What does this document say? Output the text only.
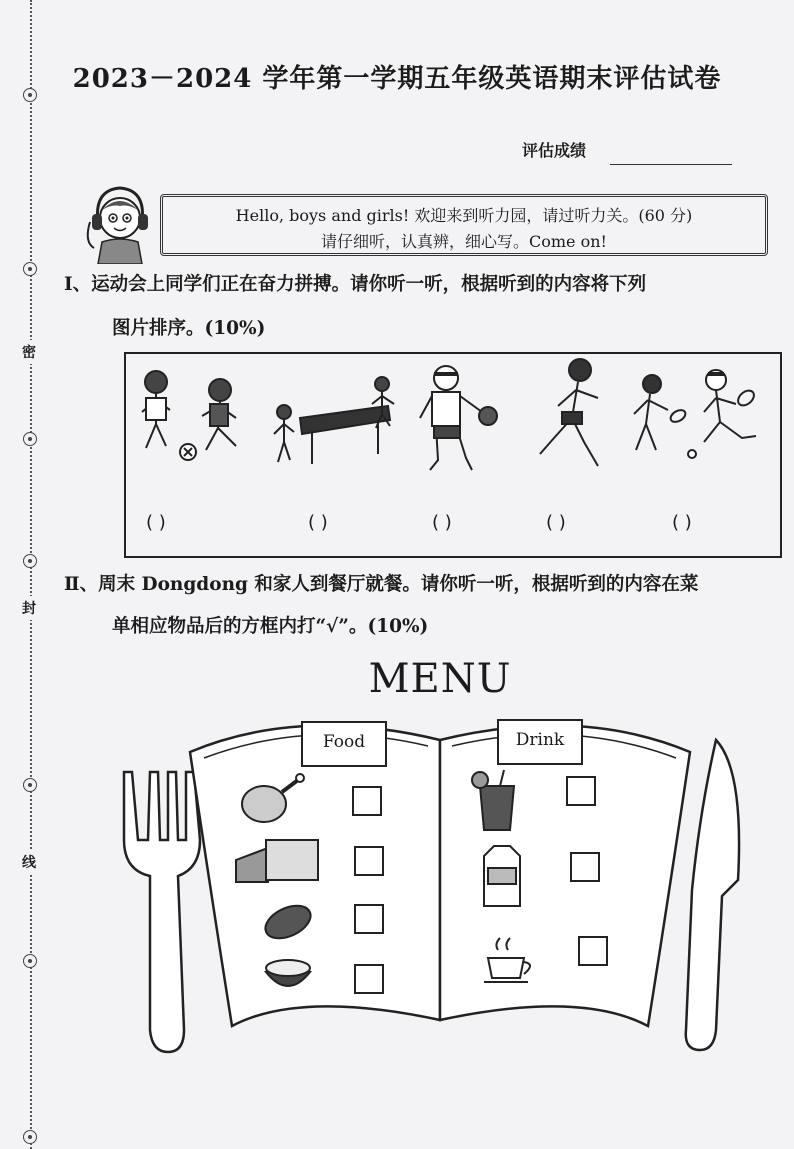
密
封
线
2023－2024 学年第一学期五年级英语期末评估试卷
评估成绩
Hello, boys and girls! 欢迎来到听力园，请过听力关。(60 分)
请仔细听，认真辨，细心写。Come on!
Ⅰ、运动会上同学们正在奋力拼搏。请你听一听，根据听到的内容将下列
图片排序。(10%)
( )	( )	( )	( )	( )
Ⅱ、周末 Dongdong 和家人到餐厅就餐。请你听一听，根据听到的内容在菜
单相应物品后的方框内打“√”。(10%)
MENU
Food	Drink
